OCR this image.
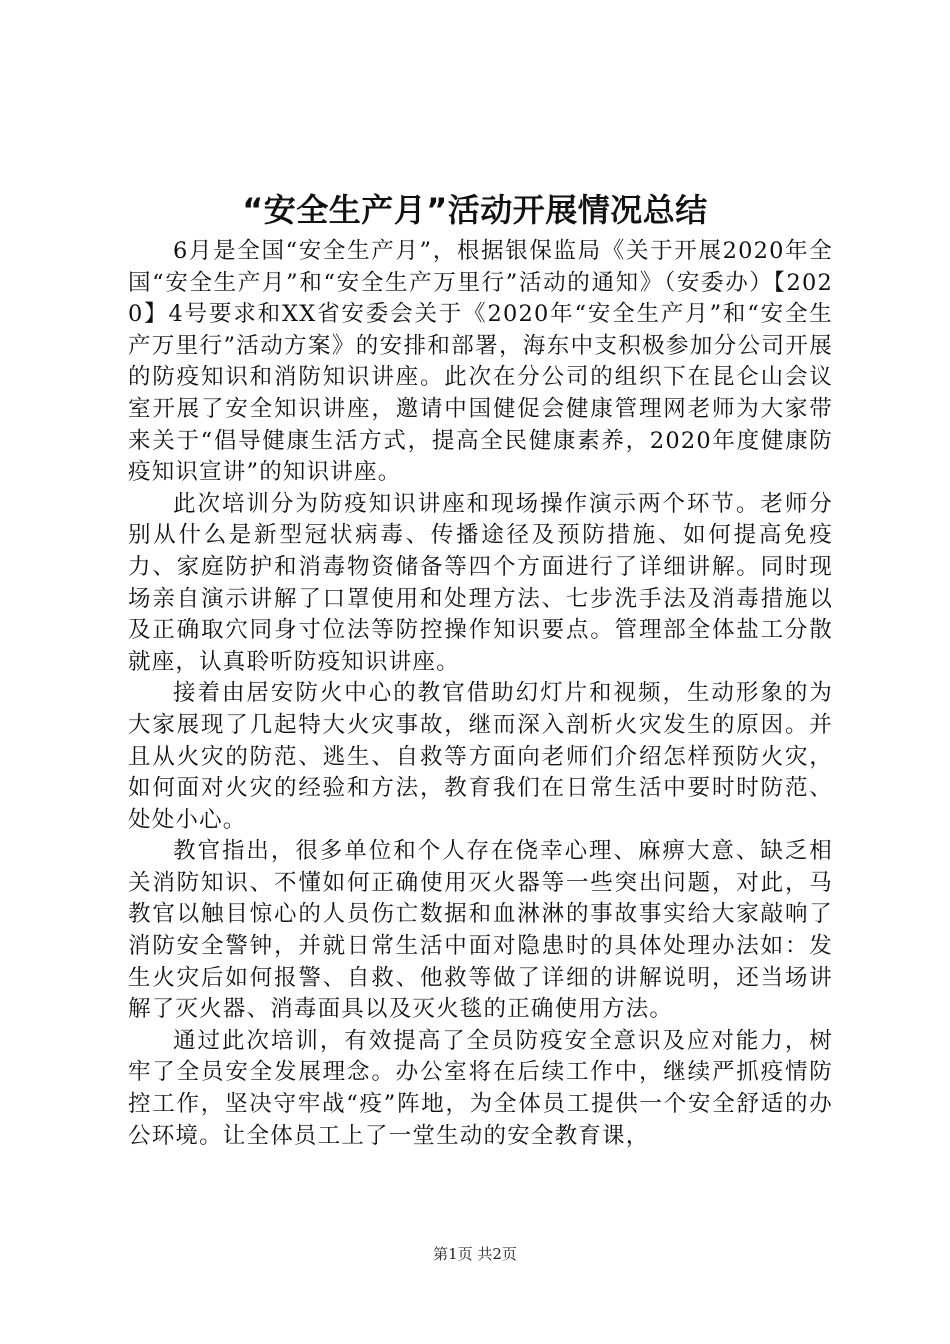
“安全生产月”活动开展情况总结

6月是全国“安全生产月”，根据银保监局《关于开展2020年全国“安全生产月”和“安全生产万里行”活动的通知》（安委办）【2020】4号要求和XX省安委会关于《2020年“安全生产月”和“安全生产万里行”活动方案》的安排和部署，海东中支积极参加分公司开展的防疫知识和消防知识讲座。此次在分公司的组织下在昆仑山会议室开展了安全知识讲座，邀请中国健促会健康管理网老师为大家带来关于“倡导健康生活方式，提高全民健康素养，2020年度健康防疫知识宣讲”的知识讲座。

此次培训分为防疫知识讲座和现场操作演示两个环节。老师分别从什么是新型冠状病毒、传播途径及预防措施、如何提高免疫力、家庭防护和消毒物资储备等四个方面进行了详细讲解。同时现场亲自演示讲解了口罩使用和处理方法、七步洗手法及消毒措施以及正确取穴同身寸位法等防控操作知识要点。管理部全体盐工分散就座，认真聆听防疫知识讲座。

接着由居安防火中心的教官借助幻灯片和视频，生动形象的为大家展现了几起特大火灾事故，继而深入剖析火灾发生的原因。并且从火灾的防范、逃生、自救等方面向老师们介绍怎样预防火灾，如何面对火灾的经验和方法，教育我们在日常生活中要时时防范、处处小心。

教官指出，很多单位和个人存在侥幸心理、麻痹大意、缺乏相关消防知识、不懂如何正确使用灭火器等一些突出问题，对此，马教官以触目惊心的人员伤亡数据和血淋淋的事故事实给大家敲响了消防安全警钟，并就日常生活中面对隐患时的具体处理办法如：发生火灾后如何报警、自救、他救等做了详细的讲解说明，还当场讲解了灭火器、消毒面具以及灭火毯的正确使用方法。

通过此次培训，有效提高了全员防疫安全意识及应对能力，树牢了全员安全发展理念。办公室将在后续工作中，继续严抓疫情防控工作，坚决守牢战“疫”阵地，为全体员工提供一个安全舒适的办公环境。让全体员工上了一堂生动的安全教育课，

第1页 共2页
